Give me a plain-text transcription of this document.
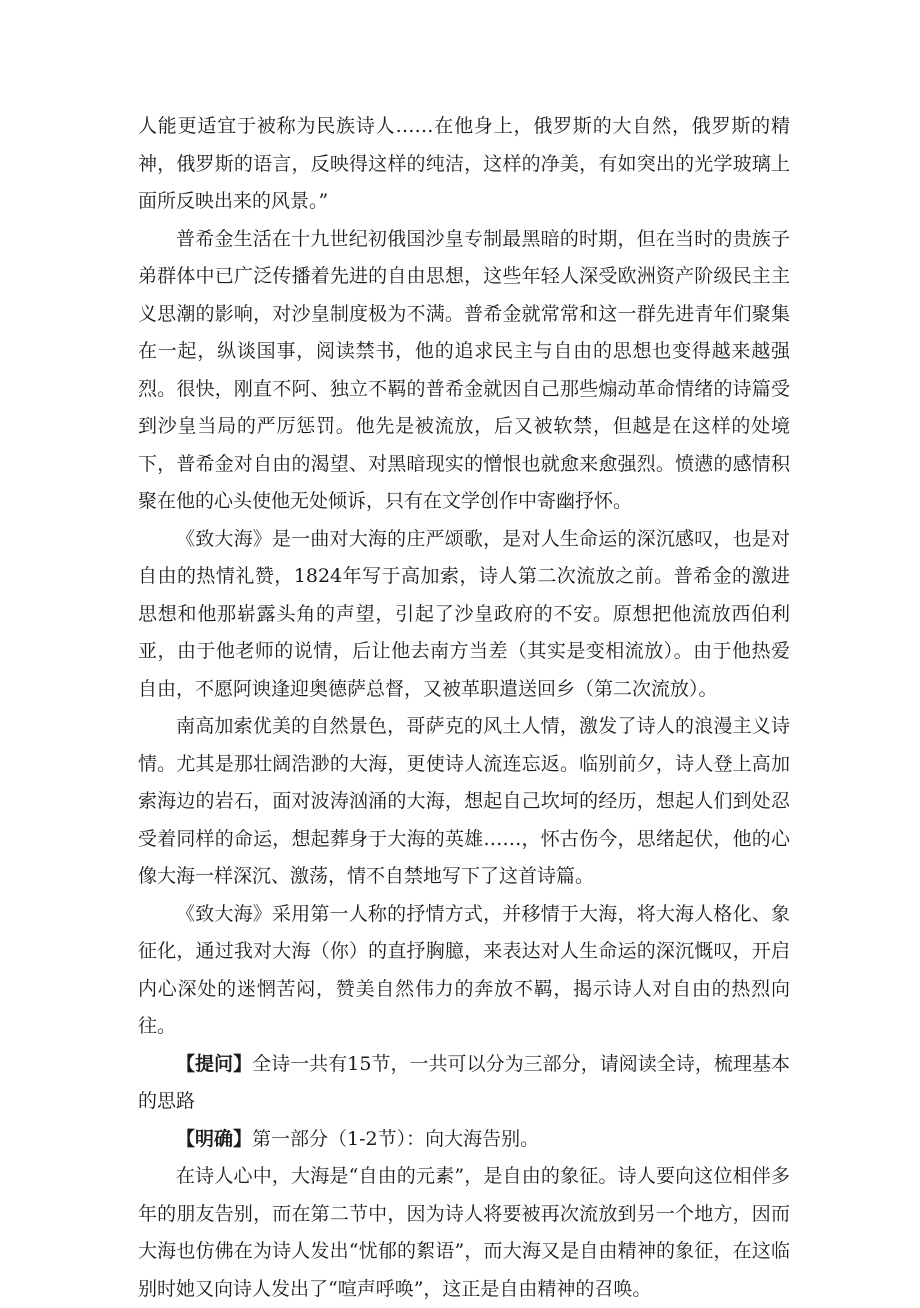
人能更适宜于被称为民族诗人……在他身上，俄罗斯的大自然，俄罗斯的精神，俄罗斯的语言，反映得这样的纯洁，这样的净美，有如突出的光学玻璃上面所反映出来的风景。”

普希金生活在十九世纪初俄国沙皇专制最黑暗的时期，但在当时的贵族子弟群体中已广泛传播着先进的自由思想，这些年轻人深受欧洲资产阶级民主主义思潮的影响，对沙皇制度极为不满。普希金就常常和这一群先进青年们聚集在一起，纵谈国事，阅读禁书，他的追求民主与自由的思想也变得越来越强烈。很快，刚直不阿、独立不羁的普希金就因自己那些煽动革命情绪的诗篇受到沙皇当局的严厉惩罚。他先是被流放，后又被软禁，但越是在这样的处境下，普希金对自由的渴望、对黑暗现实的憎恨也就愈来愈强烈。愤懑的感情积聚在他的心头使他无处倾诉，只有在文学创作中寄幽抒怀。

《致大海》是一曲对大海的庄严颂歌，是对人生命运的深沉感叹，也是对自由的热情礼赞，1824年写于高加索，诗人第二次流放之前。普希金的激进思想和他那崭露头角的声望，引起了沙皇政府的不安。原想把他流放西伯利亚，由于他老师的说情，后让他去南方当差（其实是变相流放）。由于他热爱自由，不愿阿谀逢迎奥德萨总督，又被革职遣送回乡（第二次流放）。

南高加索优美的自然景色，哥萨克的风土人情，激发了诗人的浪漫主义诗情。尤其是那壮阔浩渺的大海，更使诗人流连忘返。临别前夕，诗人登上高加索海边的岩石，面对波涛汹涌的大海，想起自己坎坷的经历，想起人们到处忍受着同样的命运，想起葬身于大海的英雄……，怀古伤今，思绪起伏，他的心像大海一样深沉、激荡，情不自禁地写下了这首诗篇。

《致大海》采用第一人称的抒情方式，并移情于大海，将大海人格化、象征化，通过我对大海（你）的直抒胸臆，来表达对人生命运的深沉慨叹，开启内心深处的迷惘苦闷，赞美自然伟力的奔放不羁，揭示诗人对自由的热烈向往。

【提问】全诗一共有15节，一共可以分为三部分，请阅读全诗，梳理基本的思路

【明确】第一部分（1-2节）：向大海告别。

在诗人心中，大海是“自由的元素”，是自由的象征。诗人要向这位相伴多年的朋友告别，而在第二节中，因为诗人将要被再次流放到另一个地方，因而大海也仿佛在为诗人发出“忧郁的絮语”，而大海又是自由精神的象征，在这临别时她又向诗人发出了“喧声呼唤”，这正是自由精神的召唤。
